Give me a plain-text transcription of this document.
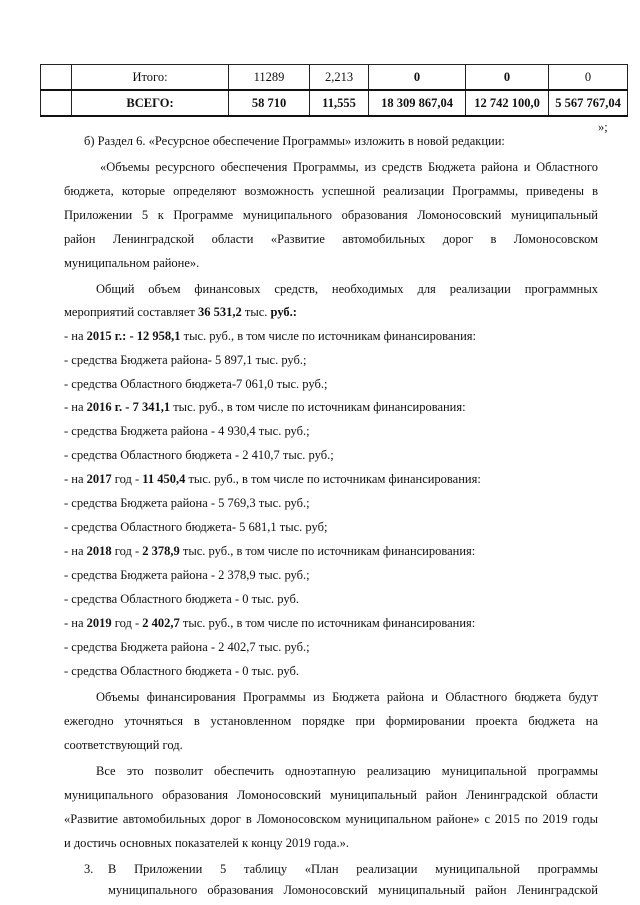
	Итого:	11289	2,213	0	0	0
	ВСЕГО:	58 710	11,555	18 309 867,04	12 742 100,0	5 567 767,04
»;
б) Раздел 6. «Ресурсное обеспечение Программы» изложить в новой редакции:
«Объемы ресурсного обеспечения Программы, из средств Бюджета района и Областного
бюджета, которые определяют возможность успешной реализации Программы, приведены в
Приложении 5 к Программе муниципального образования Ломоносовский муниципальный
район Ленинградской области «Развитие автомобильных дорог в Ломоносовском
муниципальном районе».
Общий объем финансовых средств, необходимых для реализации программных
мероприятий составляет 36 531,2 тыс. руб.:
- на 2015 г.: - 12 958,1 тыс. руб., в том числе по источникам финансирования:
- средства Бюджета района- 5 897,1 тыс. руб.;
- средства Областного бюджета-7 061,0 тыс. руб.;
- на 2016 г. - 7 341,1 тыс. руб., в том числе по источникам финансирования:
- средства Бюджета района - 4 930,4 тыс. руб.;
- средства Областного бюджета - 2 410,7 тыс. руб.;
- на 2017 год - 11 450,4 тыс. руб., в том числе по источникам финансирования:
- средства Бюджета района - 5 769,3 тыс. руб.;
- средства Областного бюджета- 5 681,1 тыс. руб;
- на 2018 год - 2 378,9 тыс. руб., в том числе по источникам финансирования:
- средства Бюджета района - 2 378,9 тыс. руб.;
- средства Областного бюджета - 0 тыс. руб.
- на 2019 год - 2 402,7 тыс. руб., в том числе по источникам финансирования:
- средства Бюджета района - 2 402,7 тыс. руб.;
- средства Областного бюджета - 0 тыс. руб.
Объемы финансирования Программы из Бюджета района и Областного бюджета будут
ежегодно уточняться в установленном порядке при формировании проекта бюджета на
соответствующий год.
Все это позволит обеспечить одноэтапную реализацию муниципальной программы
муниципального образования Ломоносовский муниципальный район Ленинградской области
«Развитие автомобильных дорог в Ломоносовском муниципальном районе» с 2015 по 2019 годы
и достичь основных показателей к концу 2019 года.».
3. В Приложении 5 таблицу «План реализации муниципальной программы
муниципального образования Ломоносовский муниципальный район Ленинградской
